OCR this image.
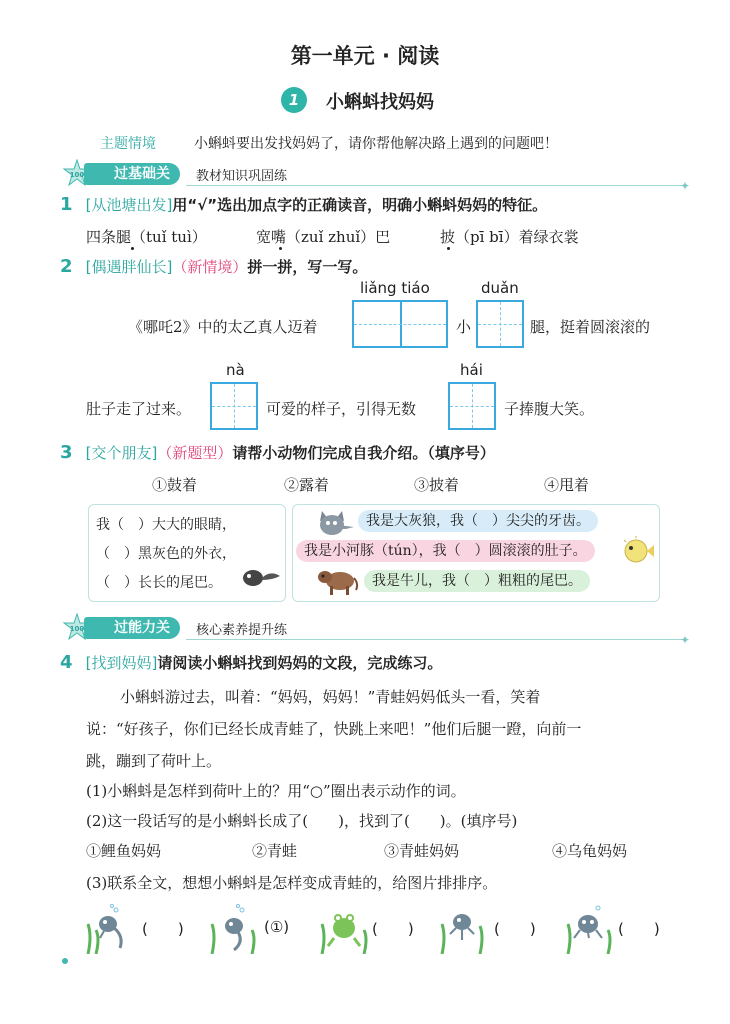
第一单元 · 阅读
1	小蝌蚪找妈妈
主题情境	小蝌蚪要出发找妈妈了，请你帮他解决路上遇到的问题吧！
100	过基础关	教材知识巩固练
✦
1 [从池塘出发]用“√”选出加点字的正确读音，明确小蝌蚪妈妈的特征。
四条腿（tuǐ tuì）	宽嘴（zuǐ zhuǐ）巴	披（pī bī）着绿衣裳
2 [偶遇胖仙长]（新情境）拼一拼，写一写。
liǎng tiáo	duǎn
《哪吒2》中的太乙真人迈着	小	腿，挺着圆滚滚的
nà	hái
肚子走了过来。	可爱的样子，引得无数	子捧腹大笑。
3 [交个朋友]（新题型）请帮小动物们完成自我介绍。（填序号）
①鼓着	②露着	③披着	④甩着
我（　）大大的眼睛，
（　）黑灰色的外衣，
（　）长长的尾巴。
我是大灰狼，我（　）尖尖的牙齿。
我是小河豚（tún），我（　）圆滚滚的肚子。
我是牛儿，我（　）粗粗的尾巴。
100	过能力关	核心素养提升练
✦
4 [找到妈妈]请阅读小蝌蚪找到妈妈的文段，完成练习。
小蝌蚪游过去，叫着：“妈妈，妈妈！”青蛙妈妈低头一看，笑着
说：“好孩子，你们已经长成青蛙了，快跳上来吧！”他们后腿一蹬，向前一
跳，蹦到了荷叶上。
(1)小蝌蚪是怎样到荷叶上的？用“○”圈出表示动作的词。
(2)这一段话写的是小蝌蚪长成了(　　)，找到了(　　)。(填序号)
①鲤鱼妈妈	②青蛙	③青蛙妈妈	④乌龟妈妈
(3)联系全文，想想小蝌蚪是怎样变成青蛙的，给图片排排序。
(　　)	(①)	(　　)	(　　)	(　　)
